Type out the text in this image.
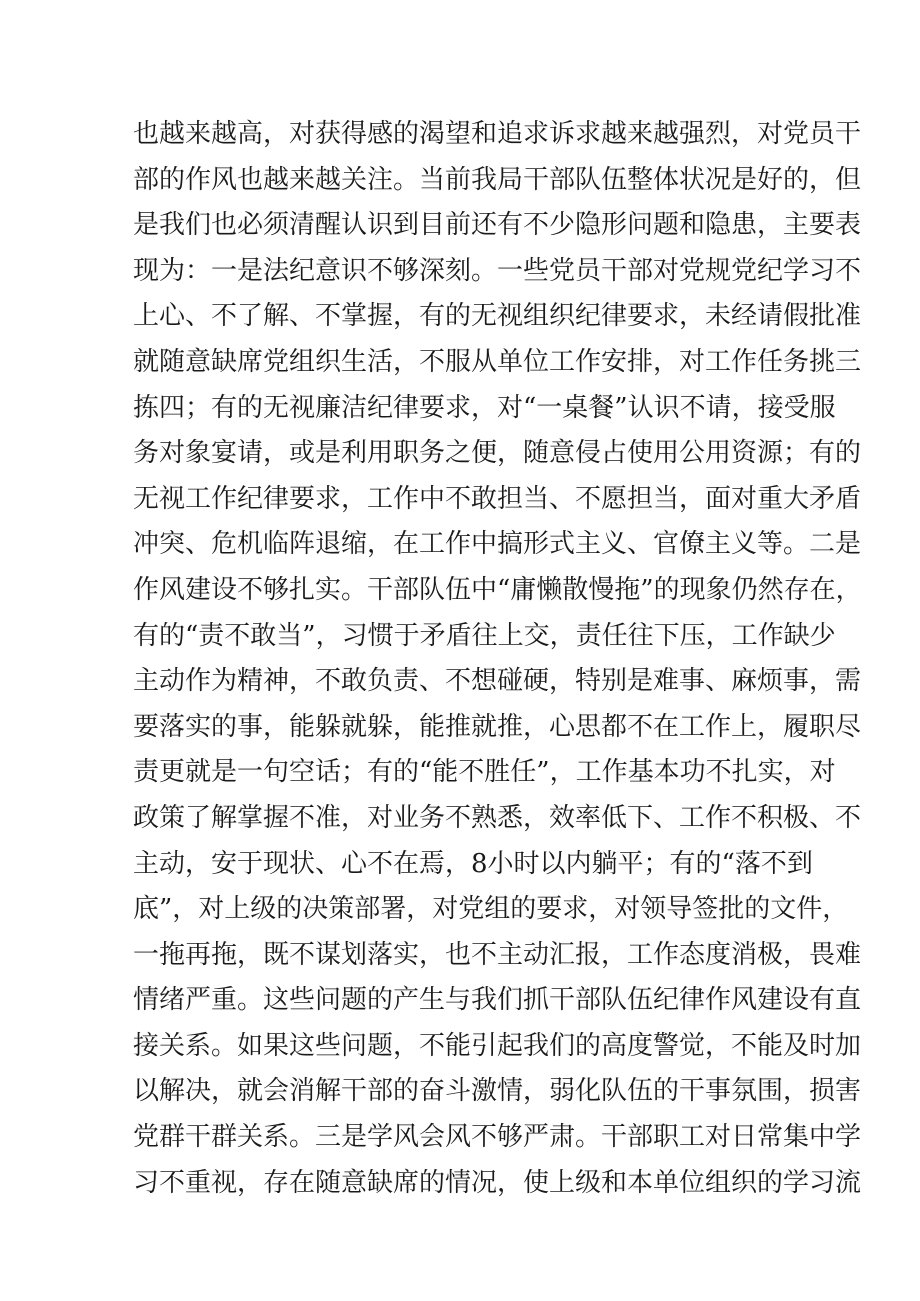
也越来越高，对获得感的渴望和追求诉求越来越强烈，对党员干
部的作风也越来越关注。当前我局干部队伍整体状况是好的，但
是我们也必须清醒认识到目前还有不少隐形问题和隐患，主要表
现为：一是法纪意识不够深刻。一些党员干部对党规党纪学习不
上心、不了解、不掌握，有的无视组织纪律要求，未经请假批准
就随意缺席党组织生活，不服从单位工作安排，对工作任务挑三
拣四；有的无视廉洁纪律要求，对“一桌餐”认识不请，接受服
务对象宴请，或是利用职务之便，随意侵占使用公用资源；有的
无视工作纪律要求，工作中不敢担当、不愿担当，面对重大矛盾
冲突、危机临阵退缩，在工作中搞形式主义、官僚主义等。二是
作风建设不够扎实。干部队伍中“庸懒散慢拖”的现象仍然存在，
有的“责不敢当”，习惯于矛盾往上交，责任往下压，工作缺少
主动作为精神，不敢负责、不想碰硬，特别是难事、麻烦事，需
要落实的事，能躲就躲，能推就推，心思都不在工作上，履职尽
责更就是一句空话；有的“能不胜任”，工作基本功不扎实，对
政策了解掌握不准，对业务不熟悉，效率低下、工作不积极、不
主动，安于现状、心不在焉，8小时以内躺平；有的“落不到
底”，对上级的决策部署，对党组的要求，对领导签批的文件，
一拖再拖，既不谋划落实，也不主动汇报，工作态度消极，畏难
情绪严重。这些问题的产生与我们抓干部队伍纪律作风建设有直
接关系。如果这些问题，不能引起我们的高度警觉，不能及时加
以解决，就会消解干部的奋斗激情，弱化队伍的干事氛围，损害
党群干群关系。三是学风会风不够严肃。干部职工对日常集中学
习不重视，存在随意缺席的情况，使上级和本单位组织的学习流
